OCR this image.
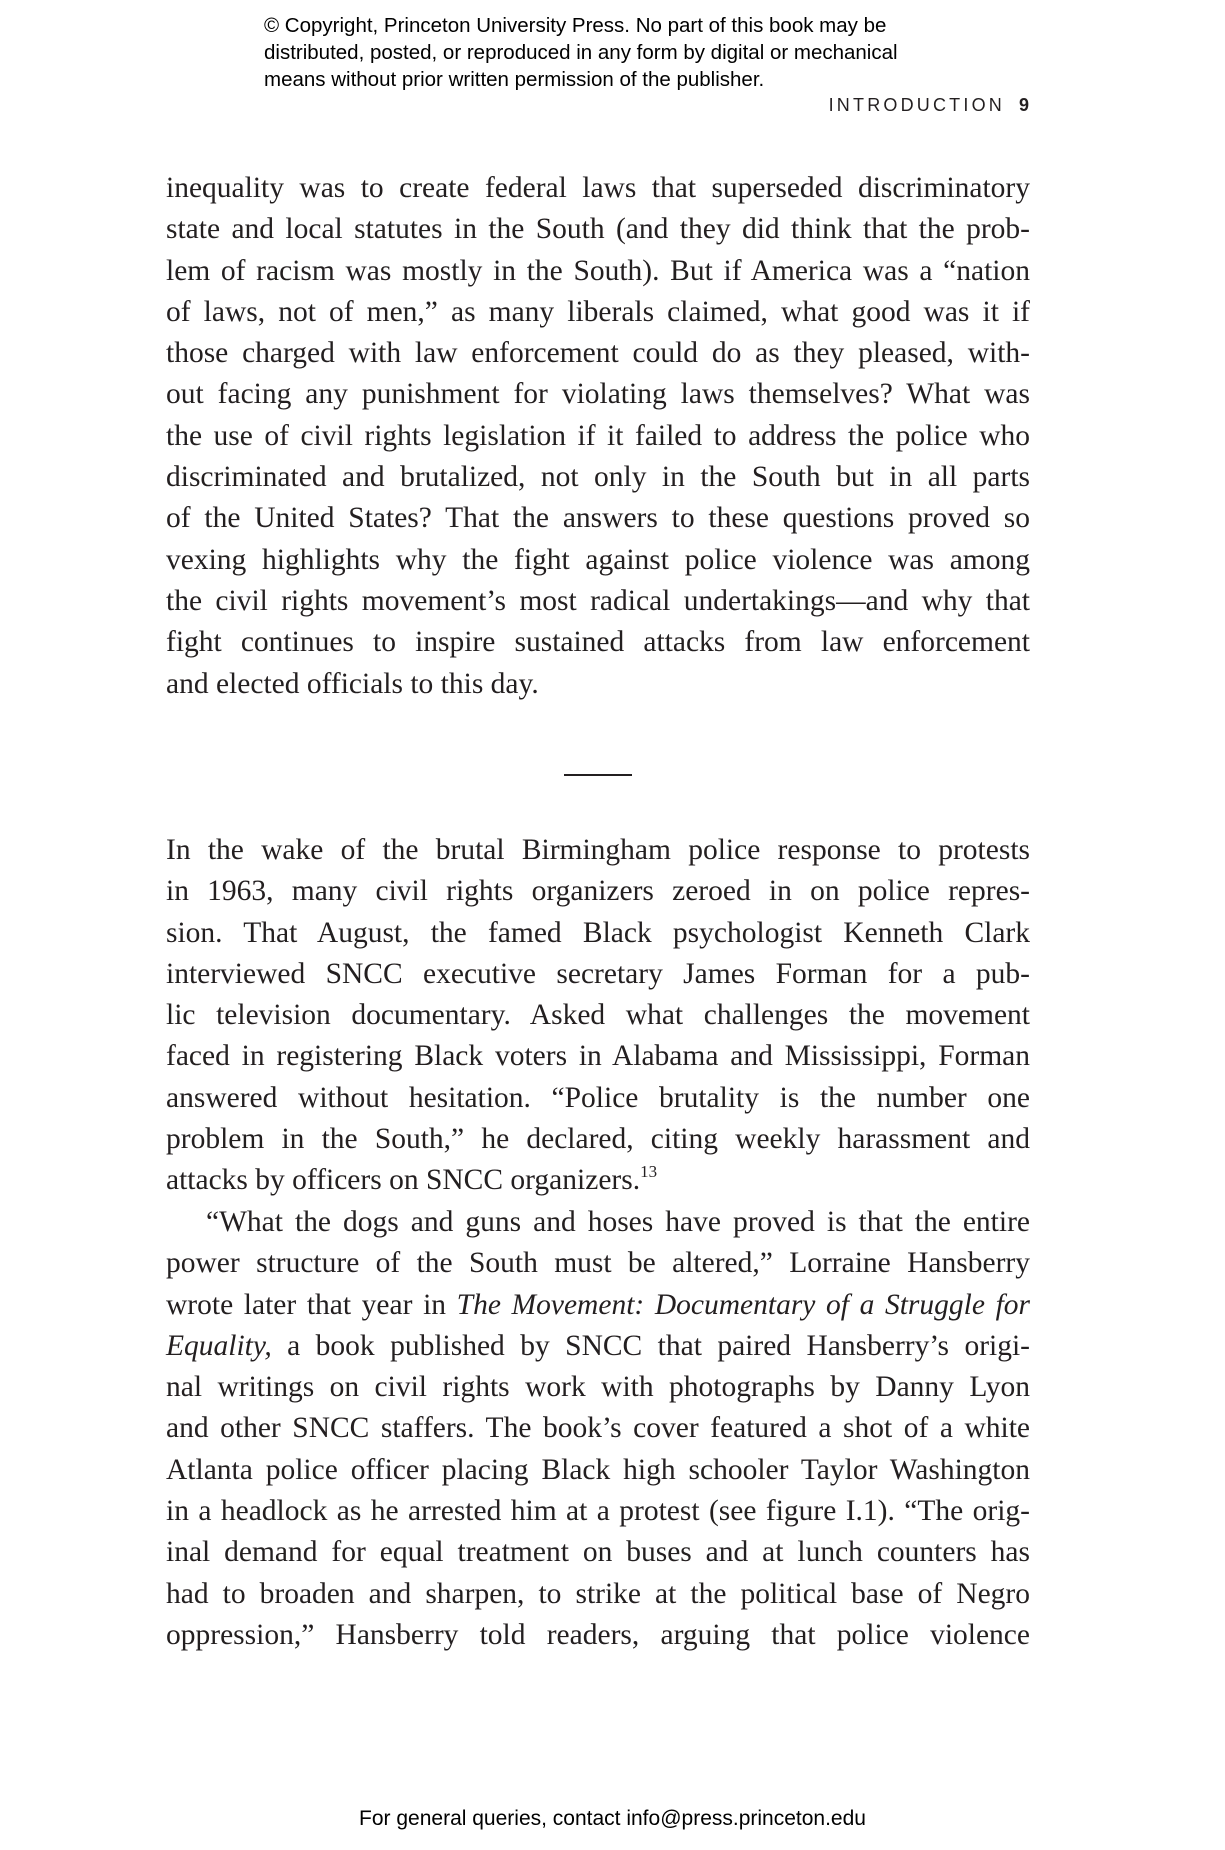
© Copyright, Princeton University Press. No part of this book may be
distributed, posted, or reproduced in any form by digital or mechanical
means without prior written permission of the publisher.
INTRODUCTION 9
inequality was to create federal laws that superseded discriminatory
state and local statutes in the South (and they did think that the prob-
lem of racism was mostly in the South). But if America was a “nation
of laws, not of men,” as many liberals claimed, what good was it if
those charged with law enforcement could do as they pleased, with-
out facing any punishment for violating laws themselves? What was
the use of civil rights legislation if it failed to address the police who
discriminated and brutalized, not only in the South but in all parts
of the United States? That the answers to these questions proved so
vexing highlights why the fight against police violence was among
the civil rights movement’s most radical undertakings—and why that
fight continues to inspire sustained attacks from law enforcement
and elected officials to this day.
In the wake of the brutal Birmingham police response to protests
in 1963, many civil rights organizers zeroed in on police repres-
sion. That August, the famed Black psychologist Kenneth Clark
interviewed SNCC executive secretary James Forman for a pub-
lic television documentary. Asked what challenges the movement
faced in registering Black voters in Alabama and Mississippi, Forman
answered without hesitation. “Police brutality is the number one
problem in the South,” he declared, citing weekly harassment and
attacks by officers on SNCC organizers.$^{13}$
“What the dogs and guns and hoses have proved is that the entire
power structure of the South must be altered,” Lorraine Hansberry
wrote later that year in The Movement: Documentary of a Struggle for
Equality, a book published by SNCC that paired Hansberry’s origi-
nal writings on civil rights work with photographs by Danny Lyon
and other SNCC staffers. The book’s cover featured a shot of a white
Atlanta police officer placing Black high schooler Taylor Washington
in a headlock as he arrested him at a protest (see figure I.1). “The orig-
inal demand for equal treatment on buses and at lunch counters has
had to broaden and sharpen, to strike at the political base of Negro
oppression,” Hansberry told readers, arguing that police violence
For general queries, contact info@press.princeton.edu
